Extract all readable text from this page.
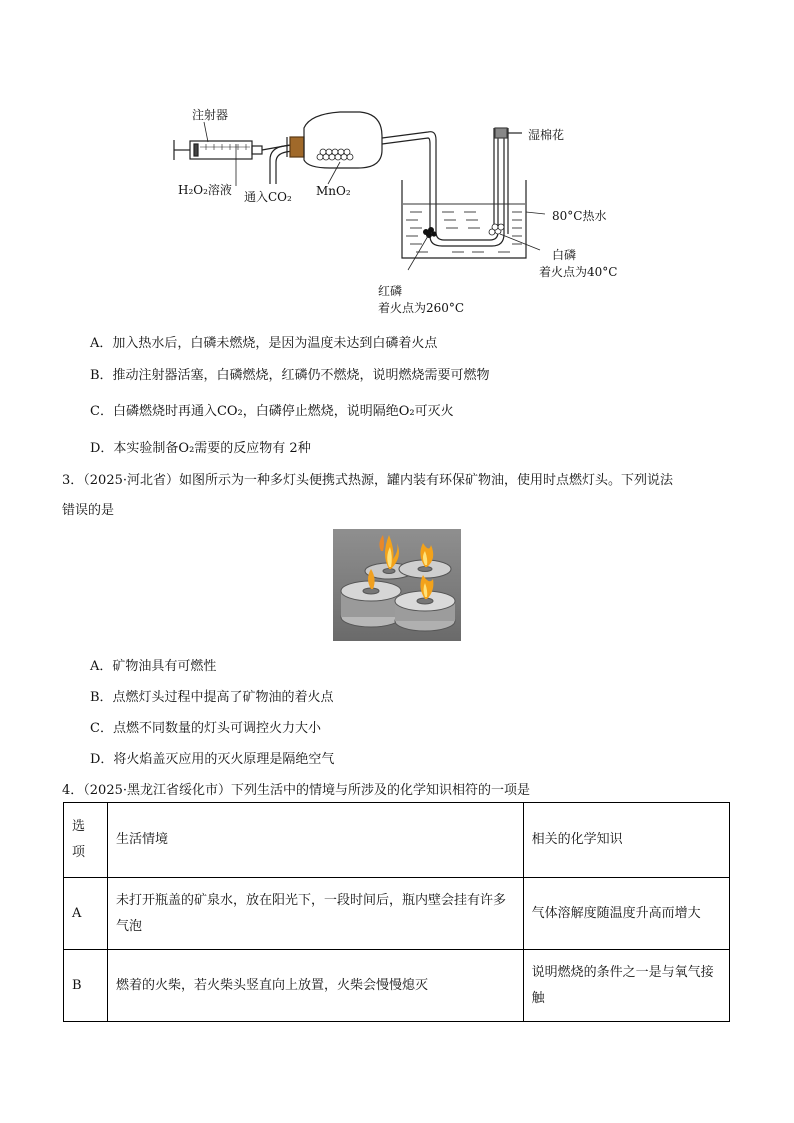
注射器
H₂O₂溶液 通入CO₂ MnO₂
湿棉花
80°C热水
白磷
着火点为40°C
红磷
着火点为260°C
A．加入热水后，白磷未燃烧，是因为温度未达到白磷着火点
B．推动注射器活塞，白磷燃烧，红磷仍不燃烧，说明燃烧需要可燃物
C．白磷燃烧时再通入CO₂，白磷停止燃烧，说明隔绝O₂可灭火
D．本实验制备O₂需要的反应物有 2种
3．（2025·河北省）如图所示为一种多灯头便携式热源，罐内装有环保矿物油，使用时点燃灯头。下列说法
错误的是
A．矿物油具有可燃性
B．点燃灯头过程中提高了矿物油的着火点
C．点燃不同数量的灯头可调控火力大小
D．将火焰盖灭应用的灭火原理是隔绝空气
4．（2025·黑龙江省绥化市）下列生活中的情境与所涉及的化学知识相符的一项是
选项	生活情境	相关的化学知识
A	未打开瓶盖的矿泉水，放在阳光下，一段时间后，瓶内壁会挂有许多气泡	气体溶解度随温度升高而增大
B	燃着的火柴，若火柴头竖直向上放置，火柴会慢慢熄灭	说明燃烧的条件之一是与氧气接触
